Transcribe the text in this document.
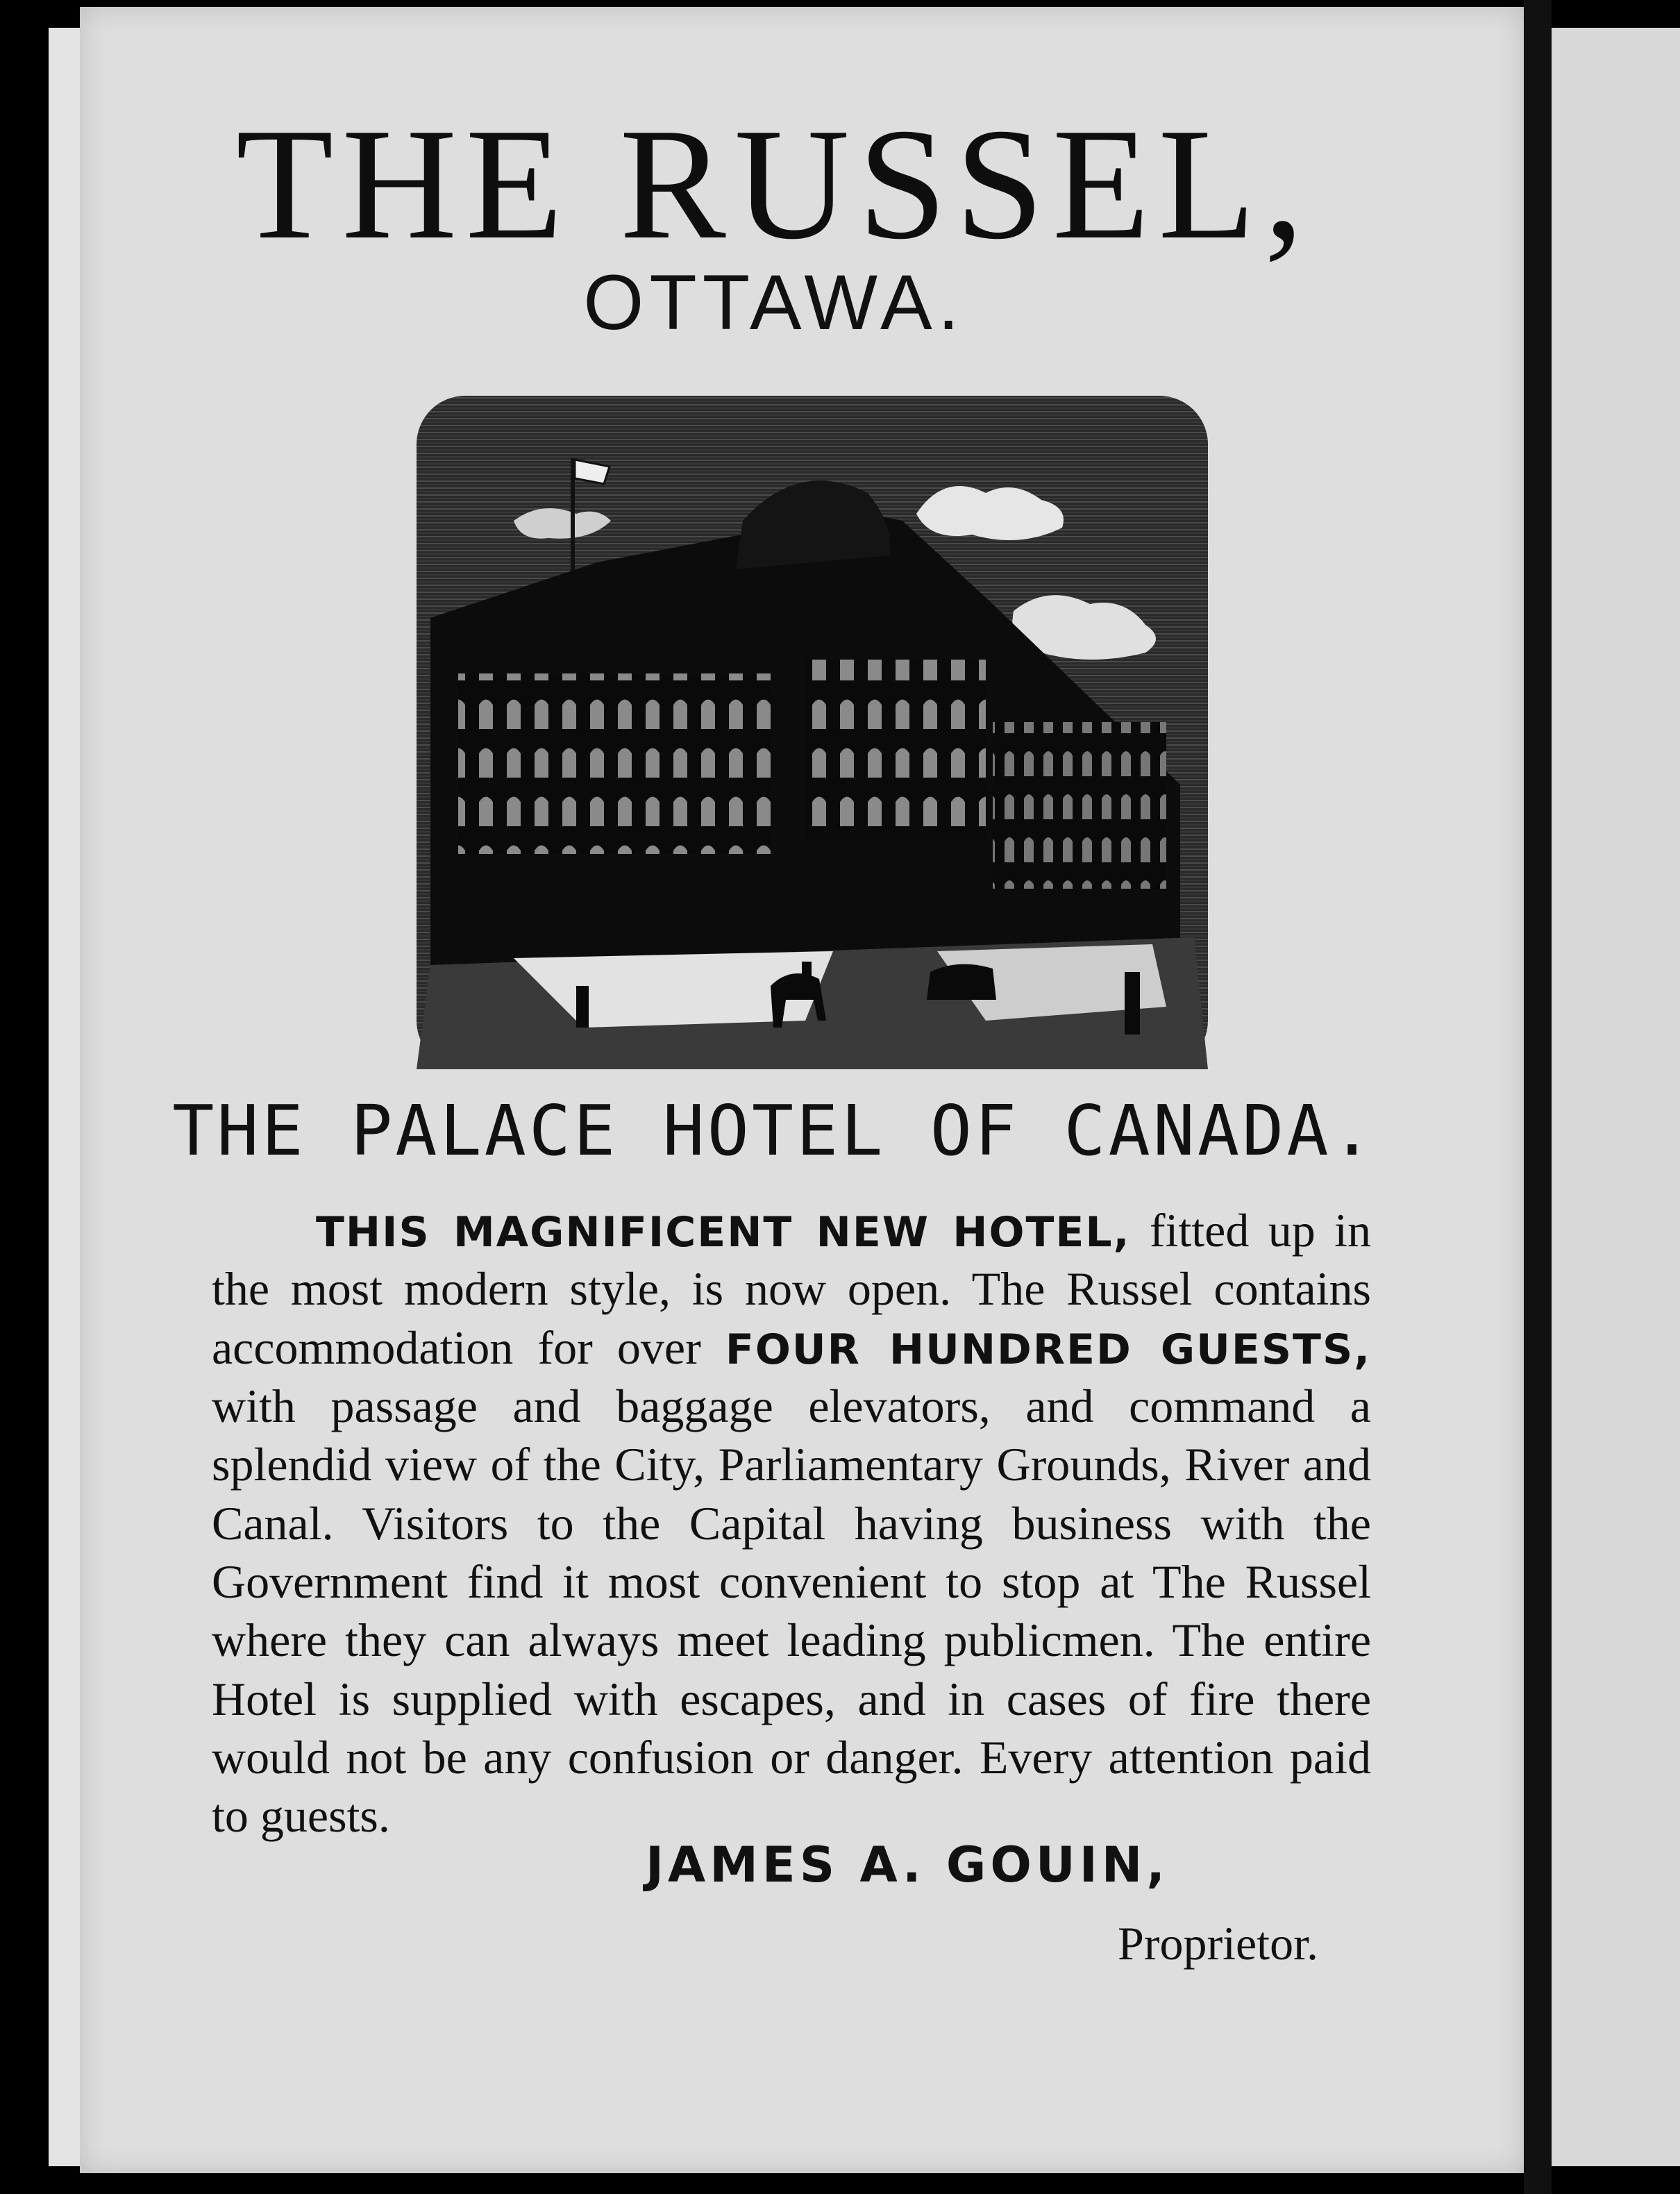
THE RUSSEL,
OTTAWA.
THE PALACE HOTEL OF CANADA.
THIS MAGNIFICENT NEW HOTEL, fitted up in the most modern style, is now open. The Russel contains accommodation for over FOUR HUNDRED GUESTS, with passage and baggage elevators, and command a splendid view of the City, Parliamentary Grounds, River and Canal. Visitors to the Capital having business with the Government find it most convenient to stop at The Russel where they can always meet leading publicmen. The entire Hotel is supplied with escapes, and in cases of fire there would not be any confusion or danger. Every attention paid to guests.
JAMES A. GOUIN,
Proprietor.
